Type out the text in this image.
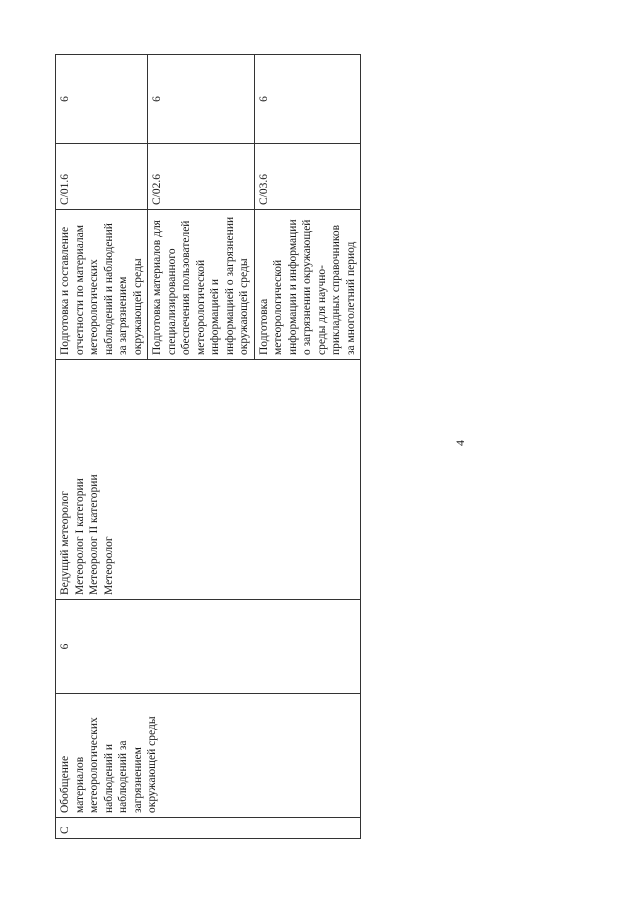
4
C	Обобщение материалов метеорологических наблюдений и наблюдений за загрязнением окружающей среды	6	Ведущий метеоролог Метеоролог I категории Метеоролог II категории Метеоролог	Подготовка и составление отчетности по материалам метеорологических наблюдений и наблюдений за загрязнением окружающей среды	C/01.6	6
				Подготовка материалов для специализированного обеспечения пользователей метеорологической информацией и информацией о загрязнении окружающей среды	C/02.6	6
				Подготовка метеорологической информации и информации о загрязнении окружающей среды для научно-прикладных справочников за многолетний период	C/03.6	6
